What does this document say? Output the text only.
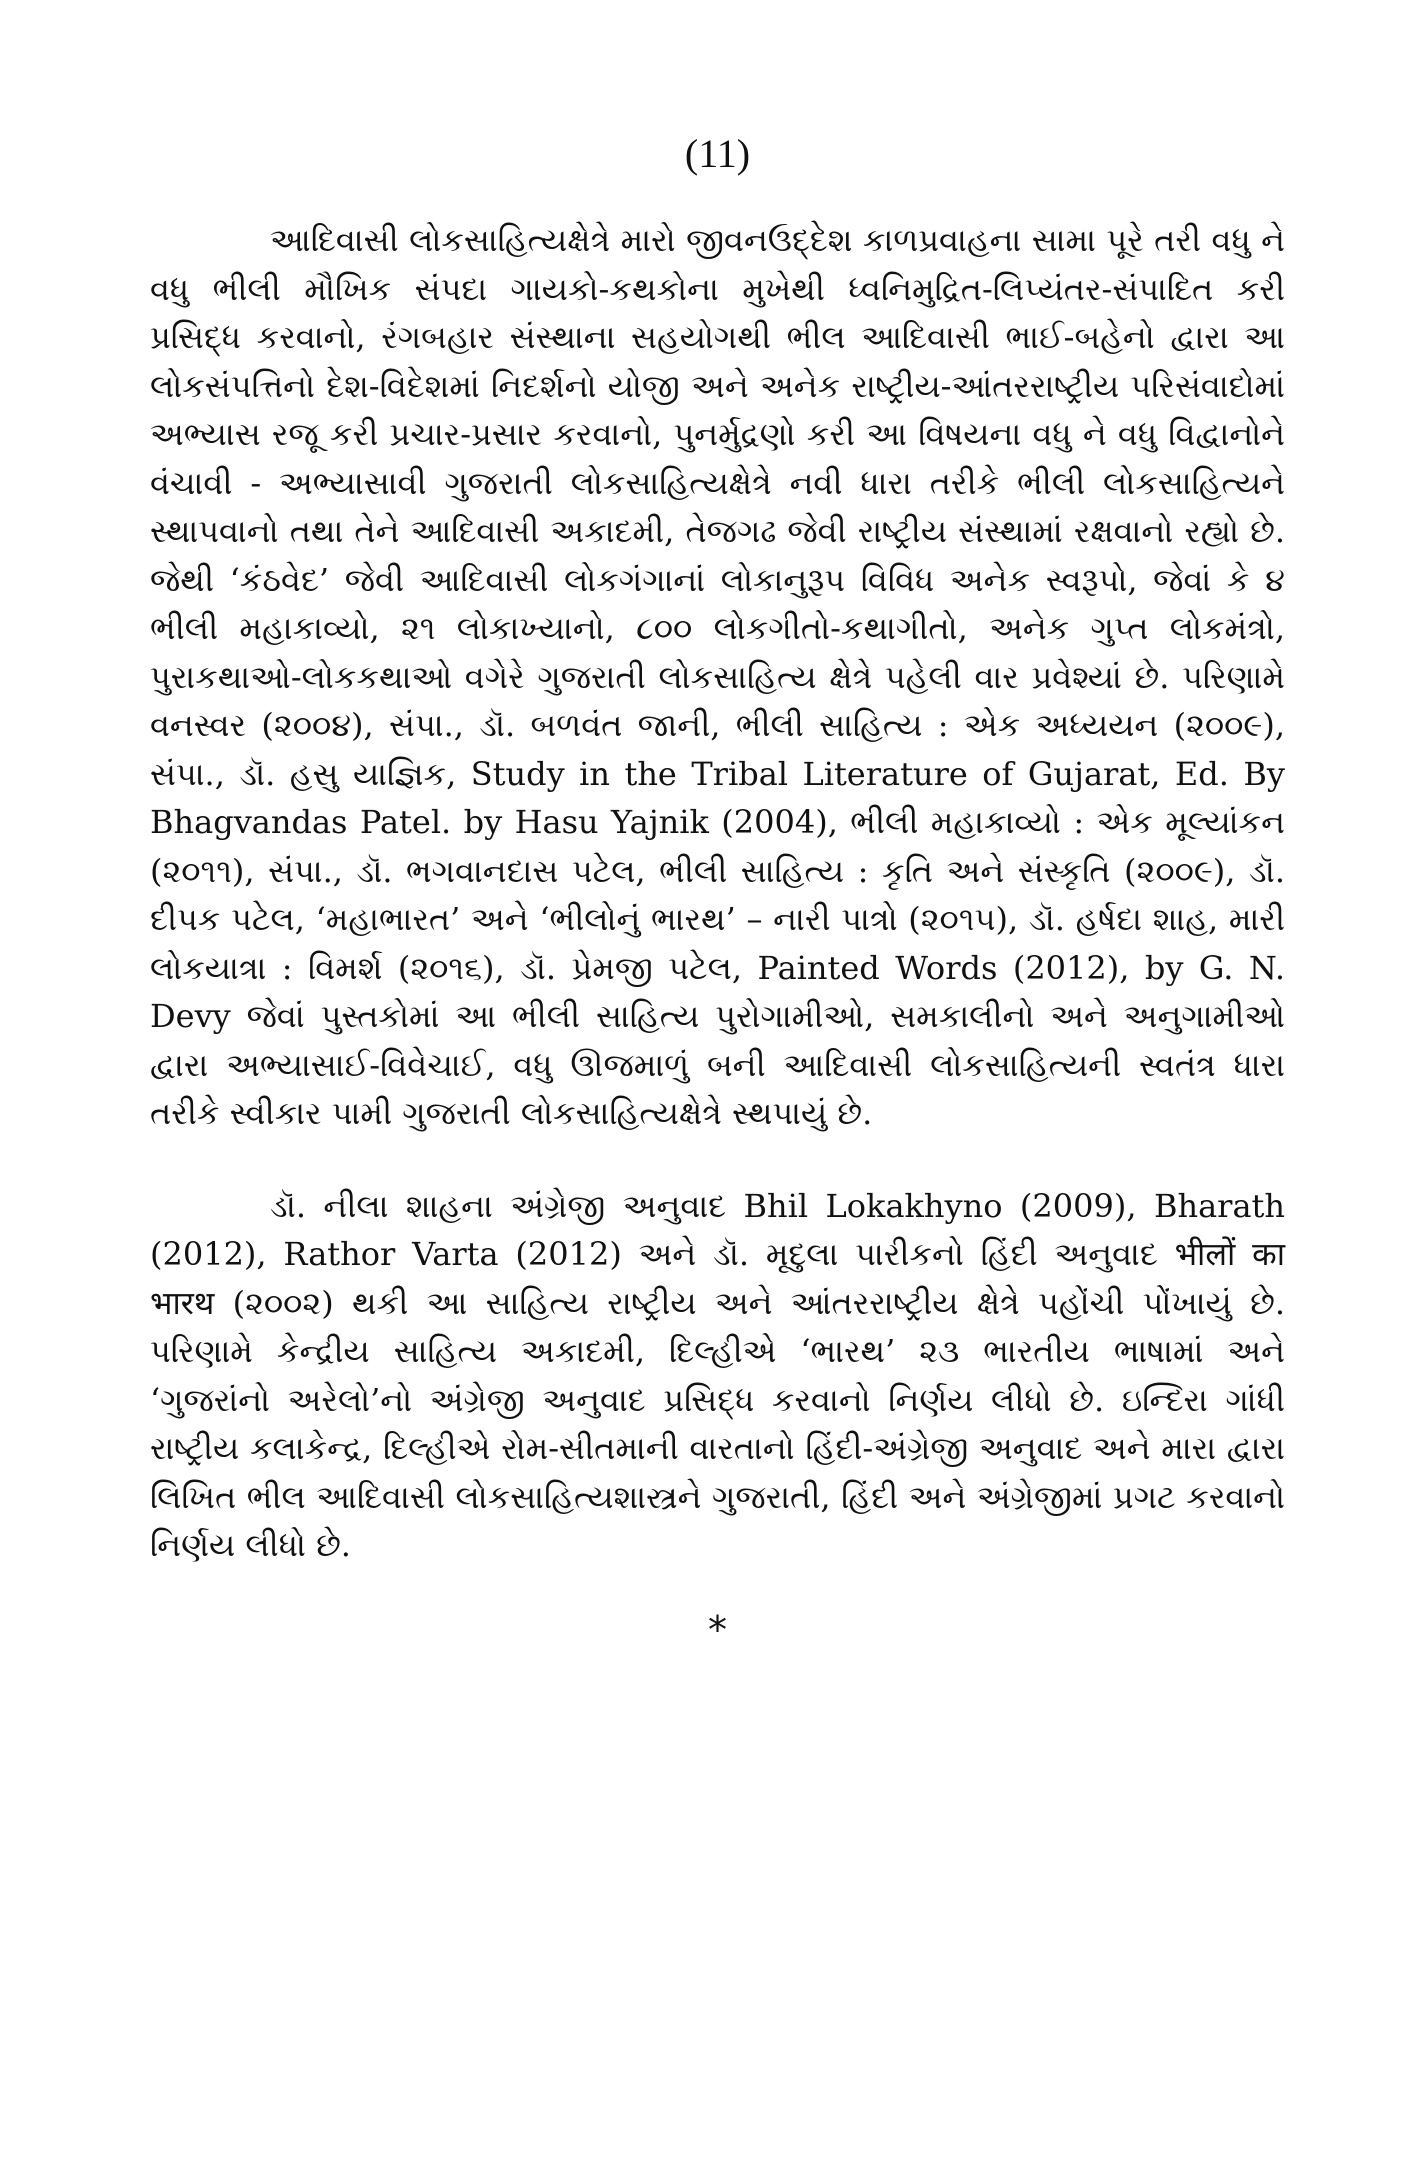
(11)

આદિવાસી લોકસાહિત્યક્ષેત્રે મારો જીવનઉદ્દેશ કાળપ્રવાહના સામા પૂરે તરી વધુ ને વધુ ભીલી મૌખિક સંપદા ગાયકો-કથકોના મુખેથી ધ્વનિમુદ્રિત-લિપ્યંતર-સંપાદિત કરી પ્રસિદ્ધ કરવાનો, રંગબહાર સંસ્થાના સહયોગથી ભીલ આદિવાસી ભાઈ-બહેનો દ્વારા આ લોકસંપત્તિનો દેશ-વિદેશમાં નિદર્શનો યોજી અને અનેક રાષ્ટ્રીય-આંતરરાષ્ટ્રીય પરિસંવાદોમાં અભ્યાસ રજૂ કરી પ્રચાર-પ્રસાર કરવાનો, પુનર્મુદ્રણો કરી આ વિષયના વધુ ને વધુ વિદ્વાનોને વંચાવી - અભ્યાસાવી ગુજરાતી લોકસાહિત્યક્ષેત્રે નવી ધારા તરીકે ભીલી લોકસાહિત્યને સ્થાપવાનો તથા તેને આદિવાસી અકાદમી, તેજગઢ જેવી રાષ્ટ્રીય સંસ્થામાં રક્ષવાનો રહ્યો છે. જેથી ‘કંઠવેદ’ જેવી આદિવાસી લોકગંગાનાં લોકાનુરૂપ વિવિધ અનેક સ્વરૂપો, જેવાં કે ૪ ભીલી મહાકાવ્યો, ૨૧ લોકાખ્યાનો, ૮૦૦ લોકગીતો-કથાગીતો, અનેક ગુપ્ત લોકમંત્રો, પુરાકથાઓ-લોકકથાઓ વગેરે ગુજરાતી લોકસાહિત્ય ક્ષેત્રે પહેલી વાર પ્રવેશ્યાં છે. પરિણામે વનસ્વર (૨૦૦૪), સંપા., ડૉ. બળવંત જાની, ભીલી સાહિત્ય : એક અધ્યયન (૨૦૦૯), સંપા., ડૉ. હસુ યાજ્ઞિક, Study in the Tribal Literature of Gujarat, Ed. By Bhagvandas Patel. by Hasu Yajnik (2004), ભીલી મહાકાવ્યો : એક મૂલ્યાંકન (૨૦૧૧), સંપા., ડૉ. ભગવાનદાસ પટેલ, ભીલી સાહિત્ય : કૃતિ અને સંસ્કૃતિ (૨૦૦૯), ડૉ. દીપક પટેલ, ‘મહાભારત’ અને ‘ભીલોનું ભારથ’ – નારી પાત્રો (૨૦૧૫), ડૉ. હર્ષદા શાહ, મારી લોકયાત્રા : વિમર્શ (૨૦૧૬), ડૉ. પ્રેમજી પટેલ, Painted Words (2012), by G. N. Devy જેવાં પુસ્તકોમાં આ ભીલી સાહિત્ય પુરોગામીઓ, સમકાલીનો અને અનુગામીઓ દ્વારા અભ્યાસાઈ-વિવેચાઈ, વધુ ઊજમાળું બની આદિવાસી લોકસાહિત્યની સ્વતંત્ર ધારા તરીકે સ્વીકાર પામી ગુજરાતી લોકસાહિત્યક્ષેત્રે સ્થપાયું છે.

ડૉ. નીલા શાહના અંગ્રેજી અનુવાદ Bhil Lokakhyno (2009), Bharath (2012), Rathor Varta (2012) અને ડૉ. મૃદુલા પારીકનો હિંદી અનુવાદ भीलों का भारथ (૨૦૦૨) થકી આ સાહિત્ય રાષ્ટ્રીય અને આંતરરાષ્ટ્રીય ક્ષેત્રે પહોંચી પોંખાયું છે. પરિણામે કેન્દ્રીય સાહિત્ય અકાદમી, દિલ્હીએ ‘ભારથ’ ૨૩ ભારતીય ભાષામાં અને ‘ગુજરાંનો અરેલો’નો અંગ્રેજી અનુવાદ પ્રસિદ્ધ કરવાનો નિર્ણય લીધો છે. ઇન્દિરા ગાંધી રાષ્ટ્રીય કલાકેન્દ્ર, દિલ્હીએ રોમ-સીતમાની વારતાનો હિંદી-અંગ્રેજી અનુવાદ અને મારા દ્વારા લિખિત ભીલ આદિવાસી લોકસાહિત્યશાસ્ત્રને ગુજરાતી, હિંદી અને અંગ્રેજીમાં પ્રગટ કરવાનો નિર્ણય લીધો છે.

*
